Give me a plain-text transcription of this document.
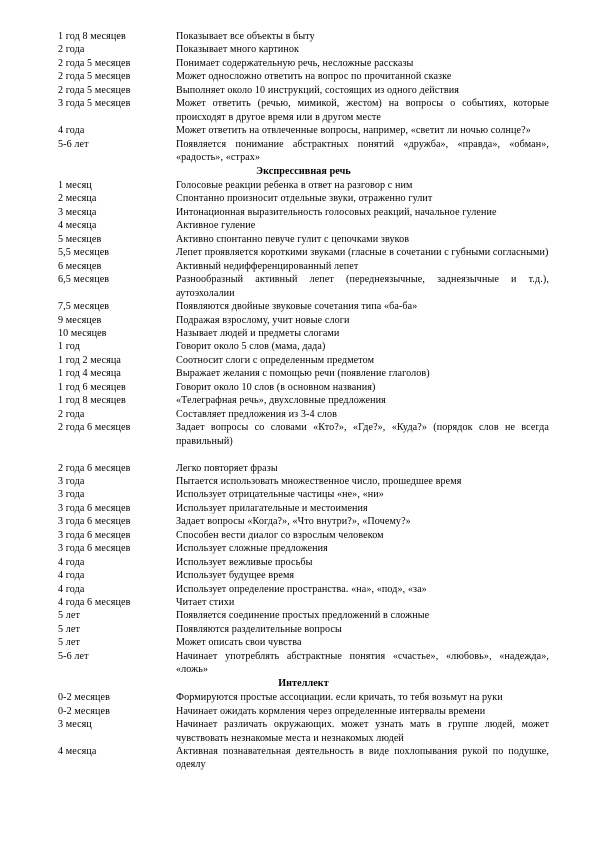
1 год 8 месяцев	Показывает все объекты в быту
2 года	Показывает много картинок
2 года 5 месяцев	Понимает содержательную речь, несложные рассказы
2 года 5 месяцев	Может односложно ответить на вопрос по прочитанной сказке
2 года 5 месяцев	Выполняет около 10 инструкций, состоящих из одного действия
3 года 5 месяцев	Может ответить (речью, мимикой, жестом) на вопросы о событиях, которые происходят в другое время или в другом месте
4 года	Может ответить на отвлеченные вопросы, например, «светит ли ночью солнце?»
5-6 лет	Появляется понимание абстрактных понятий «дружба», «правда», «обман», «радость», «страх»
Экспрессивная речь	
1 месяц	Голосовые реакции ребенка в ответ на разговор с ним
2 месяца	Спонтанно произносит отдельные звуки, отраженно гулит
3 месяца	Интонационная выразительность голосовых реакций, начальное гуление
4 месяца	Активное гуление
5 месяцев	Активно спонтанно певуче гулит с цепочками звуков
5,5 месяцев	Лепет проявляется короткими звуками (гласные в сочетании с губными согласными)
6 месяцев	Активный недифференцированный лепет
6,5 месяцев	Разнообразный активный лепет (переднеязычные, заднеязычные и т.д.), аутоэхолалии
7,5 месяцев	Появляются двойные звуковые сочетания типа «ба-ба»
9 месяцев	Подражая взрослому, учит новые слоги
10 месяцев	Называет людей и предметы слогами
1 год	Говорит около 5 слов (мама, дада)
1 год 2 месяца	Соотносит слоги с определенным предметом
1 год 4 месяца	Выражает желания с помощью речи (появление глаголов)
1 год 6 месяцев	Говорит около 10 слов (в основном названия)
1 год 8 месяцев	«Телеграфная речь», двухсловные предложения
2 года	Составляет предложения из 3-4 слов
2 года 6 месяцев	Задает вопросы со словами «Кто?», «Где?», «Куда?» (порядок слов не всегда правильный)

2 года 6 месяцев	Легко повторяет фразы
3 года	Пытается использовать множественное число, прошедшее время
3 года	Использует отрицательные частицы «не», «ни»
3 года 6 месяцев	Использует прилагательные и местоимения
3 года 6 месяцев	Задает вопросы «Когда?», «Что внутри?», «Почему?»
3 года 6 месяцев	Способен вести диалог со взрослым человеком
3 года 6 месяцев	Использует сложные предложения
4 года	Использует вежливые просьбы
4 года	Использует будущее время
4 года	Использует определение пространства. «на», «под», «за»
4 года 6 месяцев	Читает стихи
5 лет	Появляется соединение простых предложений в сложные
5 лет	Появляются разделительные вопросы
5 лет	Может описать свои чувства
5-6 лет	Начинает употреблять абстрактные понятия «счастье», «любовь», «надежда», «ложь»
Интеллект	
0-2 месяцев	Формируются простые ассоциации. если кричать, то тебя возьмут на руки
0-2 месяцев	Начинает ожидать кормления через определенные интервалы времени
3 месяц	Начинает различать окружающих. может узнать мать в группе людей, может чувствовать незнакомые места и незнакомых людей
4 месяца	Активная познавательная деятельность в виде похлопывания рукой по подушке, одеялу
